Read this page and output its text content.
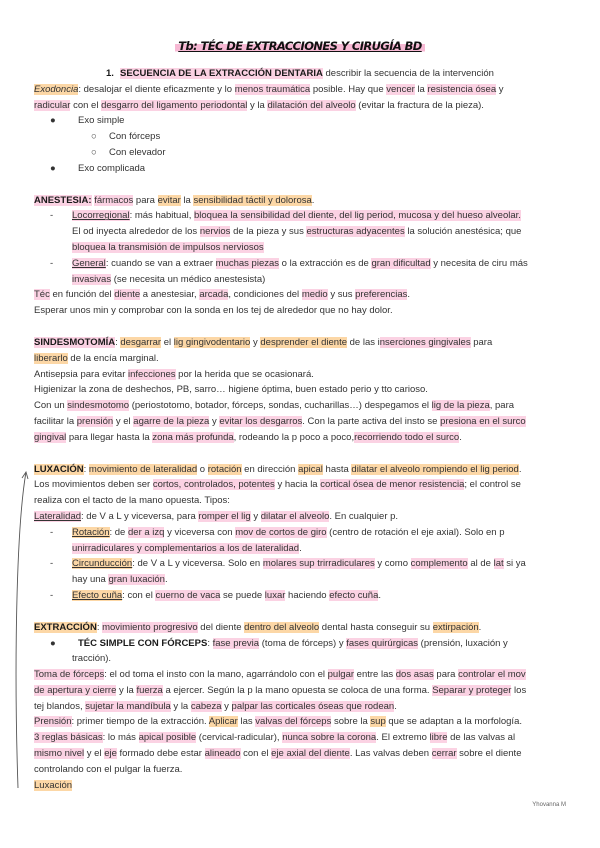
Tb: TÉC DE EXTRACCIONES Y CIRUGÍA BD
1. SECUENCIA DE LA EXTRACCIÓN DENTARIA describir la secuencia de la intervención
Exodoncia: desalojar el diente eficazmente y lo menos traumática posible. Hay que vencer la resistencia ósea y
radicular con el desgarro del ligamento periodontal y la dilatación del alveolo (evitar la fractura de la pieza).
● Exo simple
○ Con fórceps
○ Con elevador
● Exo complicada
ANESTESIA: fármacos para evitar la sensibilidad táctil y dolorosa.
- Locorregional: más habitual, bloquea la sensibilidad del diente, del lig period, mucosa y del hueso alveolar.
El od inyecta alrededor de los nervios de la pieza y sus estructuras adyacentes la solución anestésica; que
bloquea la transmisión de impulsos nerviosos
- General: cuando se van a extraer muchas piezas o la extracción es de gran dificultad y necesita de ciru más
invasivas (se necesita un médico anestesista)
Téc en función del diente a anestesiar, arcada, condiciones del medio y sus preferencias.
Esperar unos min y comprobar con la sonda en los tej de alrededor que no hay dolor.
SINDESMOTOMÍA: desgarrar el lig gingivodentario y desprender el diente de las inserciones gingivales para
liberarlo de la encía marginal.
Antisepsia para evitar infecciones por la herida que se ocasionará.
Higienizar la zona de deshechos, PB, sarro… higiene óptima, buen estado perio y tto carioso.
Con un sindesmotomo (periostotomo, botador, fórceps, sondas, cucharillas…) despegamos el lig de la pieza, para
facilitar la prensión y el agarre de la pieza y evitar los desgarros. Con la parte activa del insto se presiona en el surco
gingival para llegar hasta la zona más profunda, rodeando la p poco a poco,recorriendo todo el surco.
LUXACIÓN: movimiento de lateralidad o rotación en dirección apical hasta dilatar el alveolo rompiendo el lig period.
Los movimientos deben ser cortos, controlados, potentes y hacia la cortical ósea de menor resistencia; el control se
realiza con el tacto de la mano opuesta. Tipos:
Lateralidad: de V a L y viceversa, para romper el lig y dilatar el alveolo. En cualquier p.
- Rotación: de der a izq y viceversa con mov de cortos de giro (centro de rotación el eje axial). Solo en p
unirradiculares y complementarios a los de lateralidad.
- Circunducción: de V a L y viceversa. Solo en molares sup trirradiculares y como complemento al de lat si ya
hay una gran luxación.
- Efecto cuña: con el cuerno de vaca se puede luxar haciendo efecto cuña.
EXTRACCIÓN: movimiento progresivo del diente dentro del alveolo dental hasta conseguir su extirpación.
● TÉC SIMPLE CON FÓRCEPS: fase previa (toma de fórceps) y fases quirúrgicas (prensión, luxación y
tracción).
Toma de fórceps: el od toma el insto con la mano, agarrándolo con el pulgar entre las dos asas para controlar el mov
de apertura y cierre y la fuerza a ejercer. Según la p la mano opuesta se coloca de una forma. Separar y proteger los
tej blandos, sujetar la mandíbula y la cabeza y palpar las corticales óseas que rodean.
Prensión: primer tiempo de la extracción. Aplicar las valvas del fórceps sobre la sup que se adaptan a la morfología.
3 reglas básicas: lo más apical posible (cervical-radicular), nunca sobre la corona. El extremo libre de las valvas al
mismo nivel y el eje formado debe estar alineado con el eje axial del diente. Las valvas deben cerrar sobre el diente
controlando con el pulgar la fuerza.
Luxación
Yhovanna M
